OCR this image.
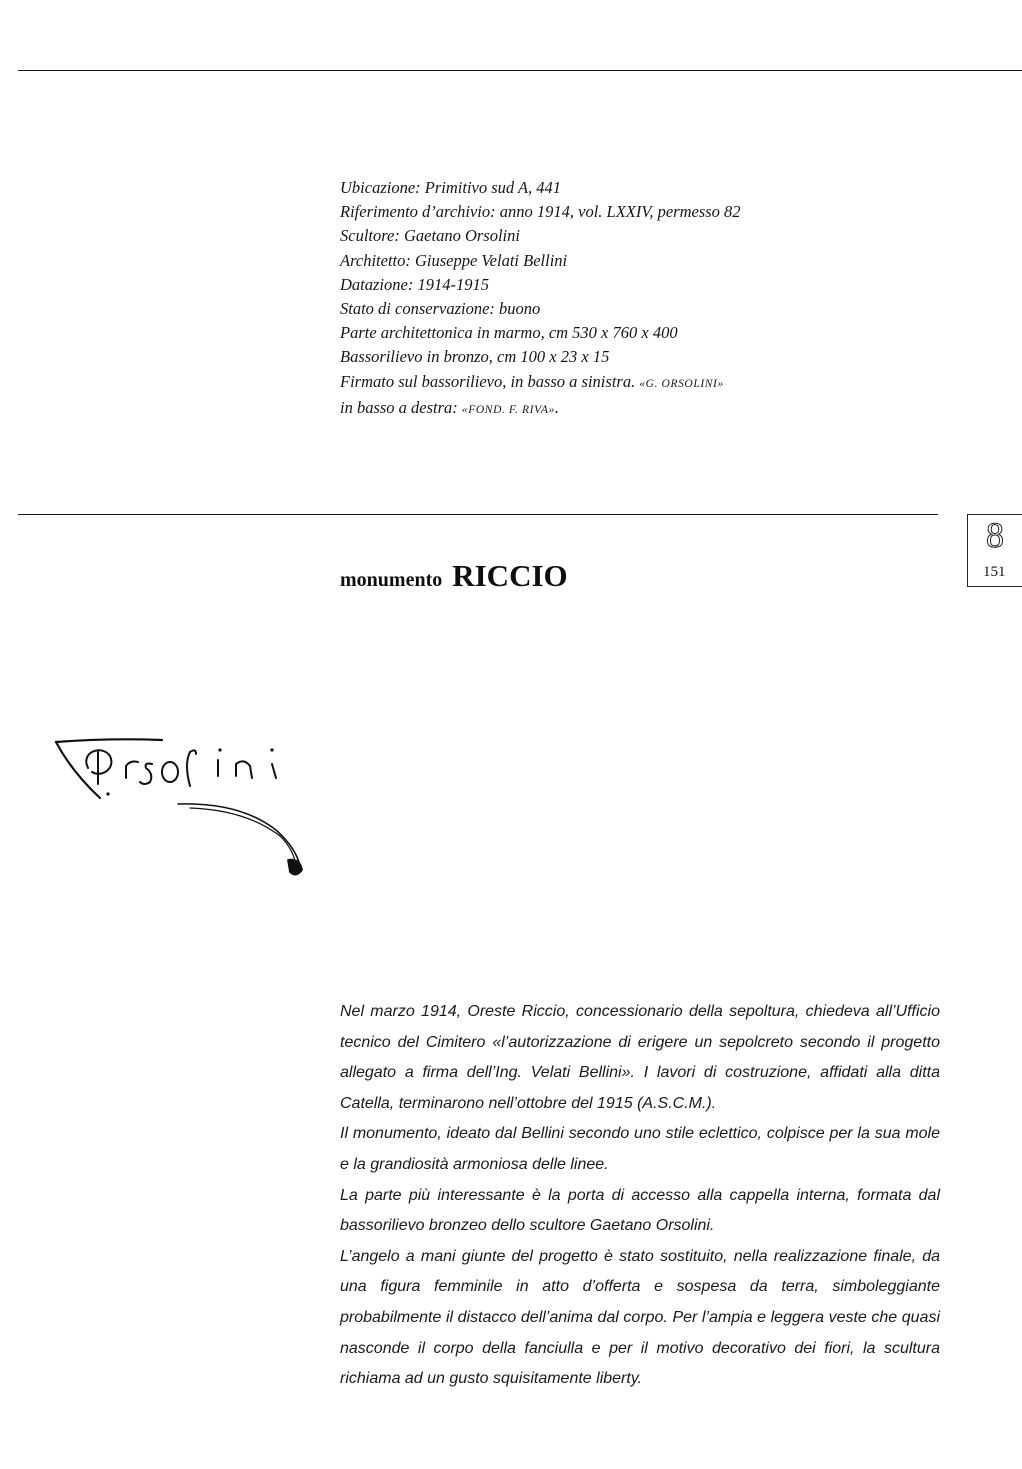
Ubicazione: Primitivo sud A, 441
Riferimento d’archivio: anno 1914, vol. LXXIV, permesso 82
Scultore: Gaetano Orsolini
Architetto: Giuseppe Velati Bellini
Datazione: 1914-1915
Stato di conservazione: buono
Parte architettonica in marmo, cm 530 x 760 x 400
Bassorilievo in bronzo, cm 100 x 23 x 15
Firmato sul bassorilievo, in basso a sinistra. «G. ORSOLINI»
in basso a destra: «FOND. F. RIVA».
8
151
monumento RICCIO

Nel marzo 1914, Oreste Riccio, concessionario della sepoltura, chiedeva all’Ufficio tecnico del Cimitero «l’autorizzazione di erigere un sepolcreto secondo il progetto allegato a firma dell’Ing. Velati Bellini». I lavori di costruzione, affidati alla ditta Catella, terminarono nell’ottobre del 1915 (A.S.C.M.).

Il monumento, ideato dal Bellini secondo uno stile eclettico, colpisce per la sua mole e la grandiosità armoniosa delle linee.

La parte più interessante è la porta di accesso alla cappella interna, formata dal bassorilievo bronzeo dello scultore Gaetano Orsolini.

L’angelo a mani giunte del progetto è stato sostituito, nella realizzazione finale, da una figura femminile in atto d’offerta e sospesa da terra, simboleggiante probabilmente il distacco dell’anima dal corpo. Per l’ampia e leggera veste che quasi nasconde il corpo della fanciulla e per il motivo decorativo dei fiori, la scultura richiama ad un gusto squisitamente liberty.
